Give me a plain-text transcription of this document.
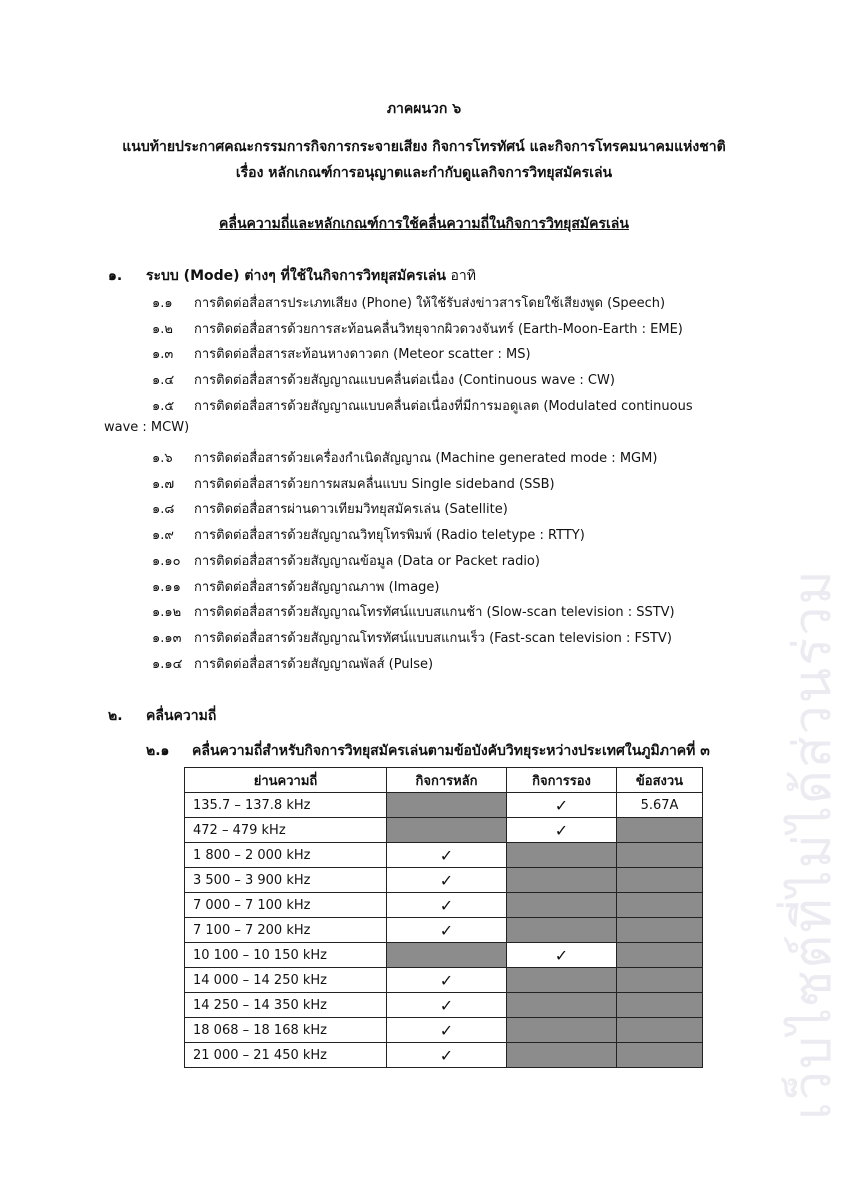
ภาคผนวก ๖
แนบท้ายประกาศคณะกรรมการกิจการกระจายเสียง กิจการโทรทัศน์ และกิจการโทรคมนาคมแห่งชาติ
เรื่อง หลักเกณฑ์การอนุญาตและกำกับดูแลกิจการวิทยุสมัครเล่น
คลื่นความถี่และหลักเกณฑ์การใช้คลื่นความถี่ในกิจการวิทยุสมัครเล่น
๑. ระบบ (Mode) ต่างๆ ที่ใช้ในกิจการวิทยุสมัครเล่น อาทิ
๑.๑ การติดต่อสื่อสารประเภทเสียง (Phone) ให้ใช้รับส่งข่าวสารโดยใช้เสียงพูด (Speech)
๑.๒ การติดต่อสื่อสารด้วยการสะท้อนคลื่นวิทยุจากผิวดวงจันทร์ (Earth-Moon-Earth : EME)
๑.๓ การติดต่อสื่อสารสะท้อนหางดาวตก (Meteor scatter : MS)
๑.๔ การติดต่อสื่อสารด้วยสัญญาณแบบคลื่นต่อเนื่อง (Continuous wave : CW)
๑.๕ การติดต่อสื่อสารด้วยสัญญาณแบบคลื่นต่อเนื่องที่มีการมอดูเลต (Modulated continuous
๑.๖ การติดต่อสื่อสารด้วยเครื่องกำเนิดสัญญาณ (Machine generated mode : MGM)
๑.๗ การติดต่อสื่อสารด้วยการผสมคลื่นแบบ Single sideband (SSB)
๑.๘ การติดต่อสื่อสารผ่านดาวเทียมวิทยุสมัครเล่น (Satellite)
๑.๙ การติดต่อสื่อสารด้วยสัญญาณวิทยุโทรพิมพ์ (Radio teletype : RTTY)
๑.๑๐ การติดต่อสื่อสารด้วยสัญญาณข้อมูล (Data or Packet radio)
๑.๑๑ การติดต่อสื่อสารด้วยสัญญาณภาพ (Image)
๑.๑๒ การติดต่อสื่อสารด้วยสัญญาณโทรทัศน์แบบสแกนช้า (Slow-scan television : SSTV)
๑.๑๓ การติดต่อสื่อสารด้วยสัญญาณโทรทัศน์แบบสแกนเร็ว (Fast-scan television : FSTV)
๑.๑๔ การติดต่อสื่อสารด้วยสัญญาณพัลส์ (Pulse)
wave : MCW)
๒. คลื่นความถี่
๒.๑ คลื่นความถี่สำหรับกิจการวิทยุสมัครเล่นตามข้อบังคับวิทยุระหว่างประเทศในภูมิภาคที่ ๓
ย่านความถี่	กิจการหลัก	กิจการรอง	ข้อสงวน
135.7 – 137.8 kHz		✓	5.67A
472 – 479 kHz		✓	
1 800 – 2 000 kHz	✓		
3 500 – 3 900 kHz	✓		
7 000 – 7 100 kHz	✓		
7 100 – 7 200 kHz	✓		
10 100 – 10 150 kHz		✓	
14 000 – 14 250 kHz	✓		
14 250 – 14 350 kHz	✓		
18 068 – 18 168 kHz	✓		
21 000 – 21 450 kHz	✓			เว็บไซต์ที่ไม่ได้ส่วนร่วม
